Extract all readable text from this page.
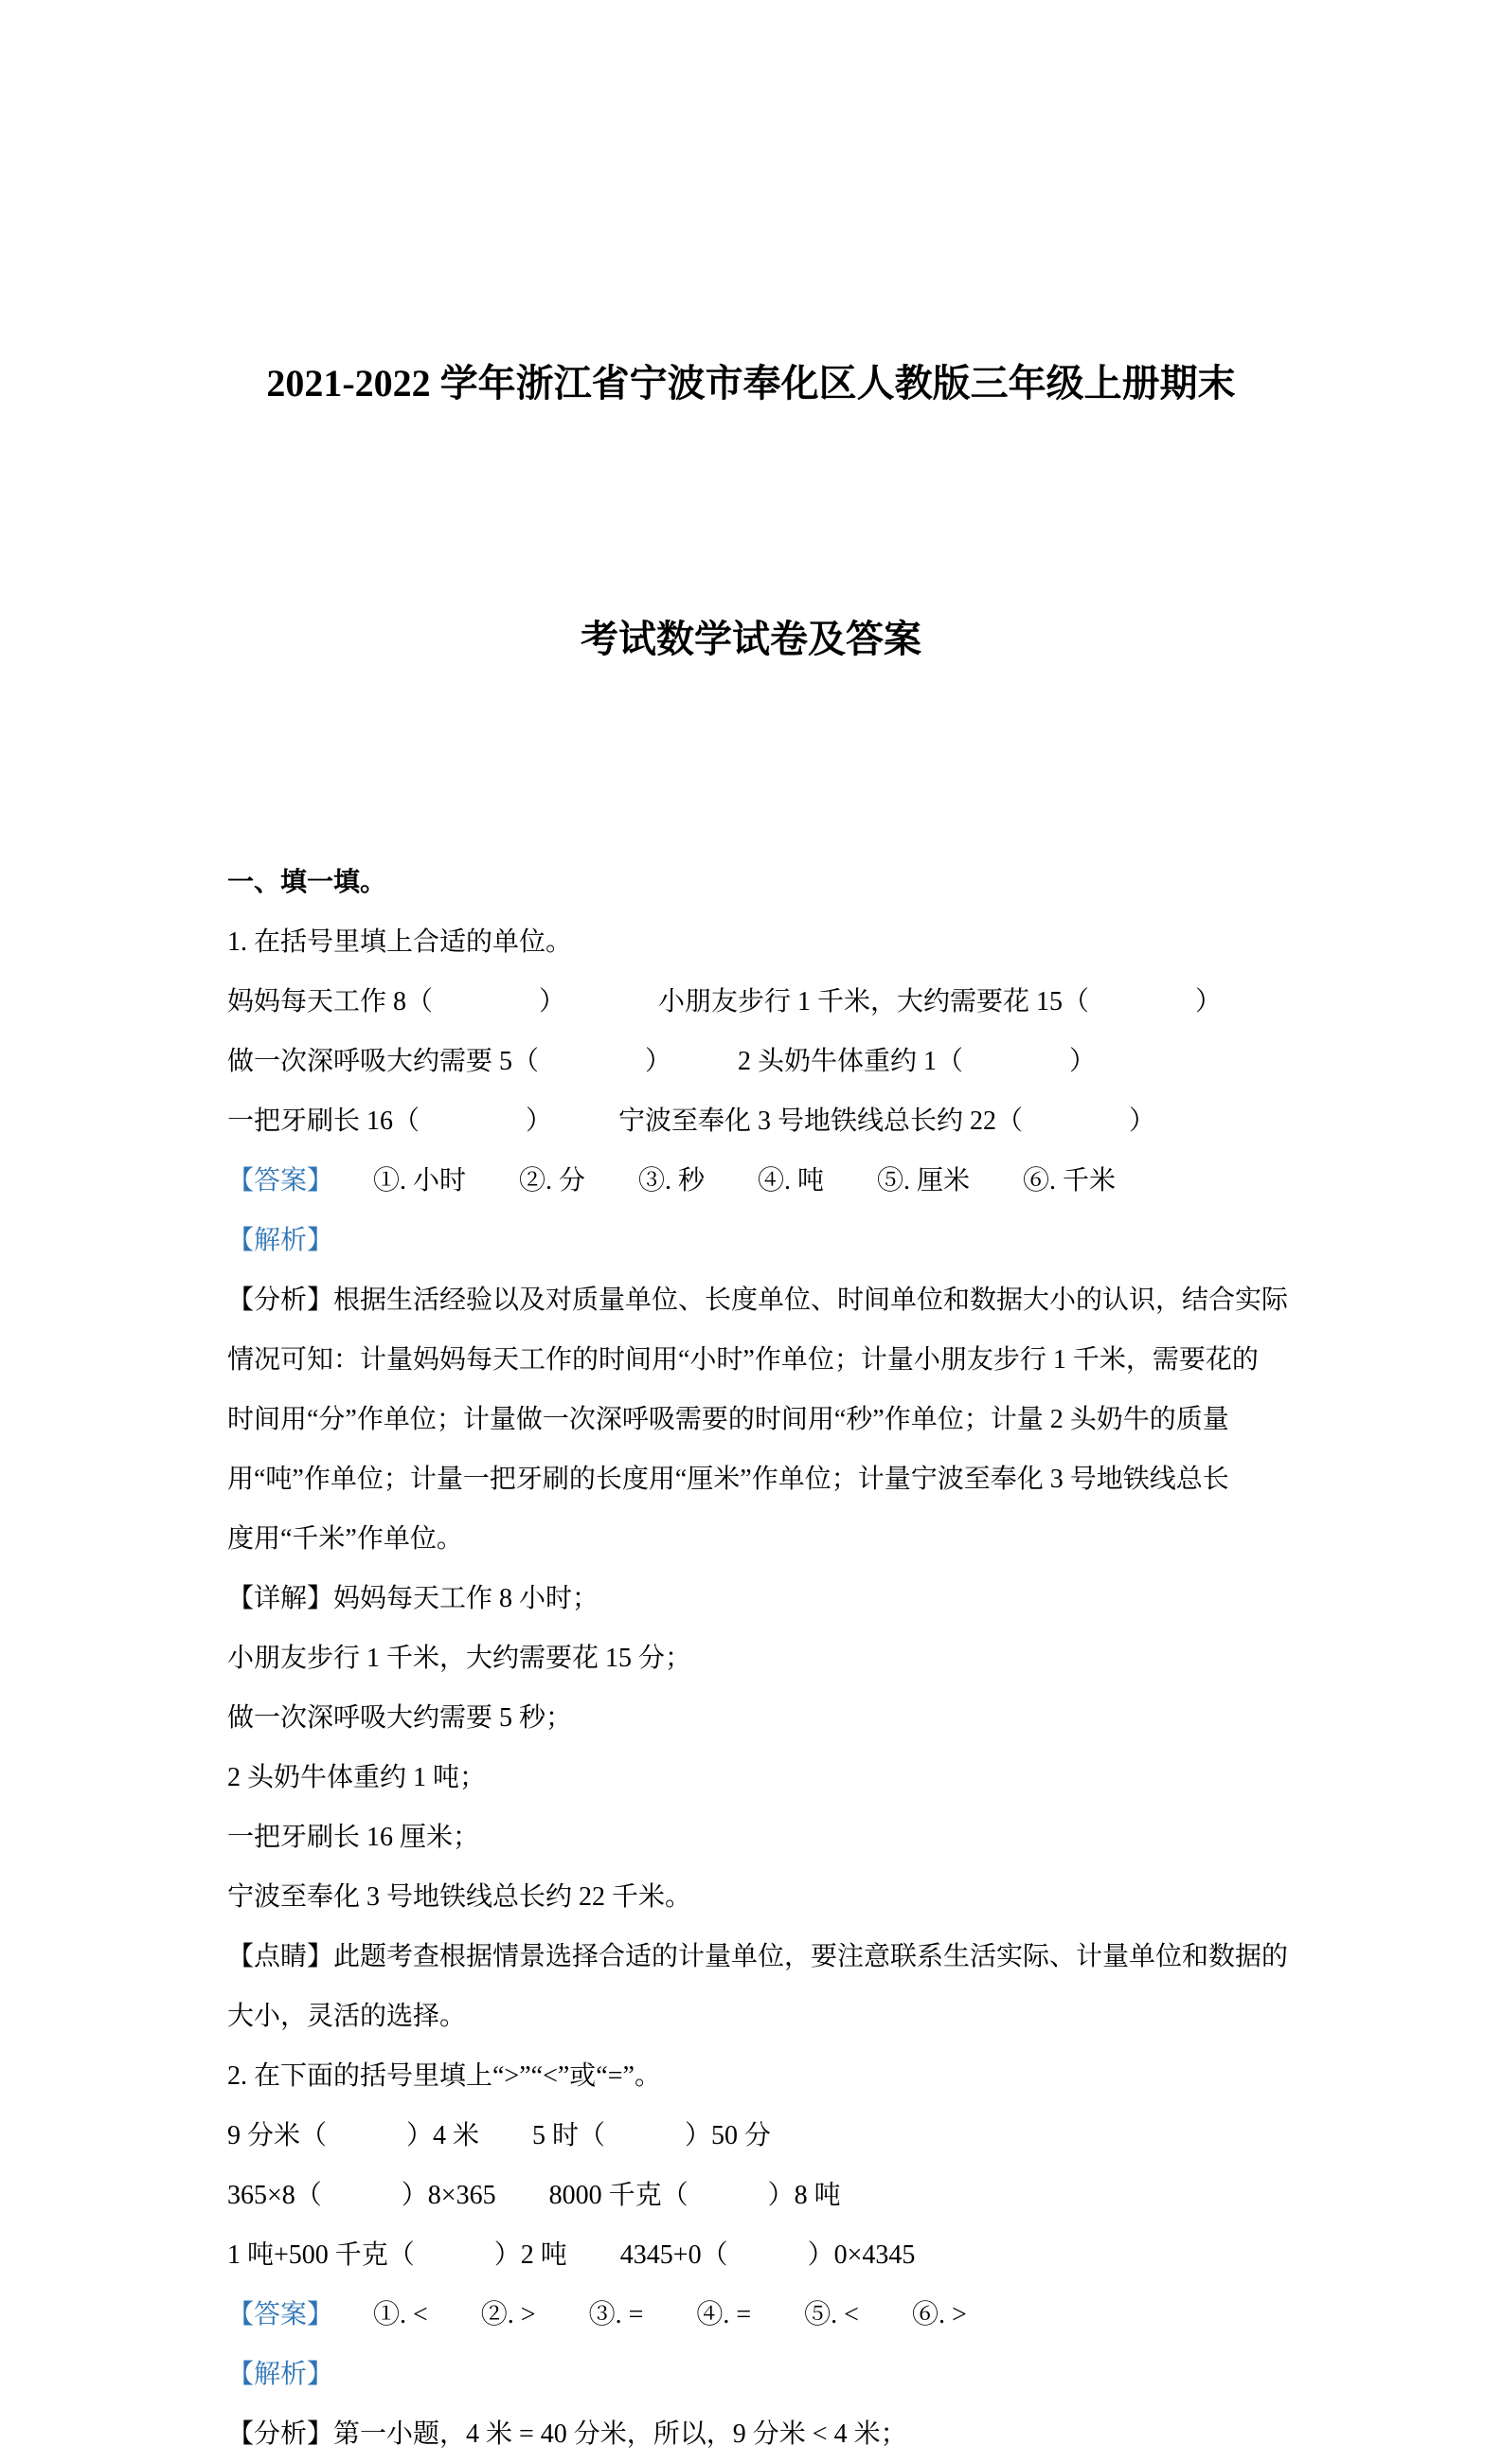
2021-2022 学年浙江省宁波市奉化区人教版三年级上册期末

考试数学试卷及答案

一、填一填。
1. 在括号里填上合适的单位。
妈妈每天工作 8（　　　　）　　　　小朋友步行 1 千米，大约需要花 15（　　　　）
做一次深呼吸大约需要 5（　　　　）　　　2 头奶牛体重约 1（　　　　）
一把牙刷长 16（　　　　）　　　宁波至奉化 3 号地铁线总长约 22（　　　　）
【答案】　　①. 小时　　②. 分　　③. 秒　　④. 吨　　⑤. 厘米　　⑥. 千米
【解析】
【分析】根据生活经验以及对质量单位、长度单位、时间单位和数据大小的认识，结合实际
情况可知：计量妈妈每天工作的时间用“小时”作单位；计量小朋友步行 1 千米，需要花的
时间用“分”作单位；计量做一次深呼吸需要的时间用“秒”作单位；计量 2 头奶牛的质量
用“吨”作单位；计量一把牙刷的长度用“厘米”作单位；计量宁波至奉化 3 号地铁线总长
度用“千米”作单位。
【详解】妈妈每天工作 8 小时；
小朋友步行 1 千米，大约需要花 15 分；
做一次深呼吸大约需要 5 秒；
2 头奶牛体重约 1 吨；
一把牙刷长 16 厘米；
宁波至奉化 3 号地铁线总长约 22 千米。
【点睛】此题考查根据情景选择合适的计量单位，要注意联系生活实际、计量单位和数据的
大小，灵活的选择。
2. 在下面的括号里填上“>”“<”或“=”。
9 分米（　　　）4 米　　5 时（　　　）50 分
365×8（　　　）8×365　　8000 千克（　　　）8 吨
1 吨+500 千克（　　　）2 吨　　4345+0（　　　）0×4345
【答案】　　①. <　　②. >　　③. =　　④. =　　⑤. <　　⑥. >
【解析】
【分析】第一小题，4 米 = 40 分米，所以，9 分米 < 4 米；
